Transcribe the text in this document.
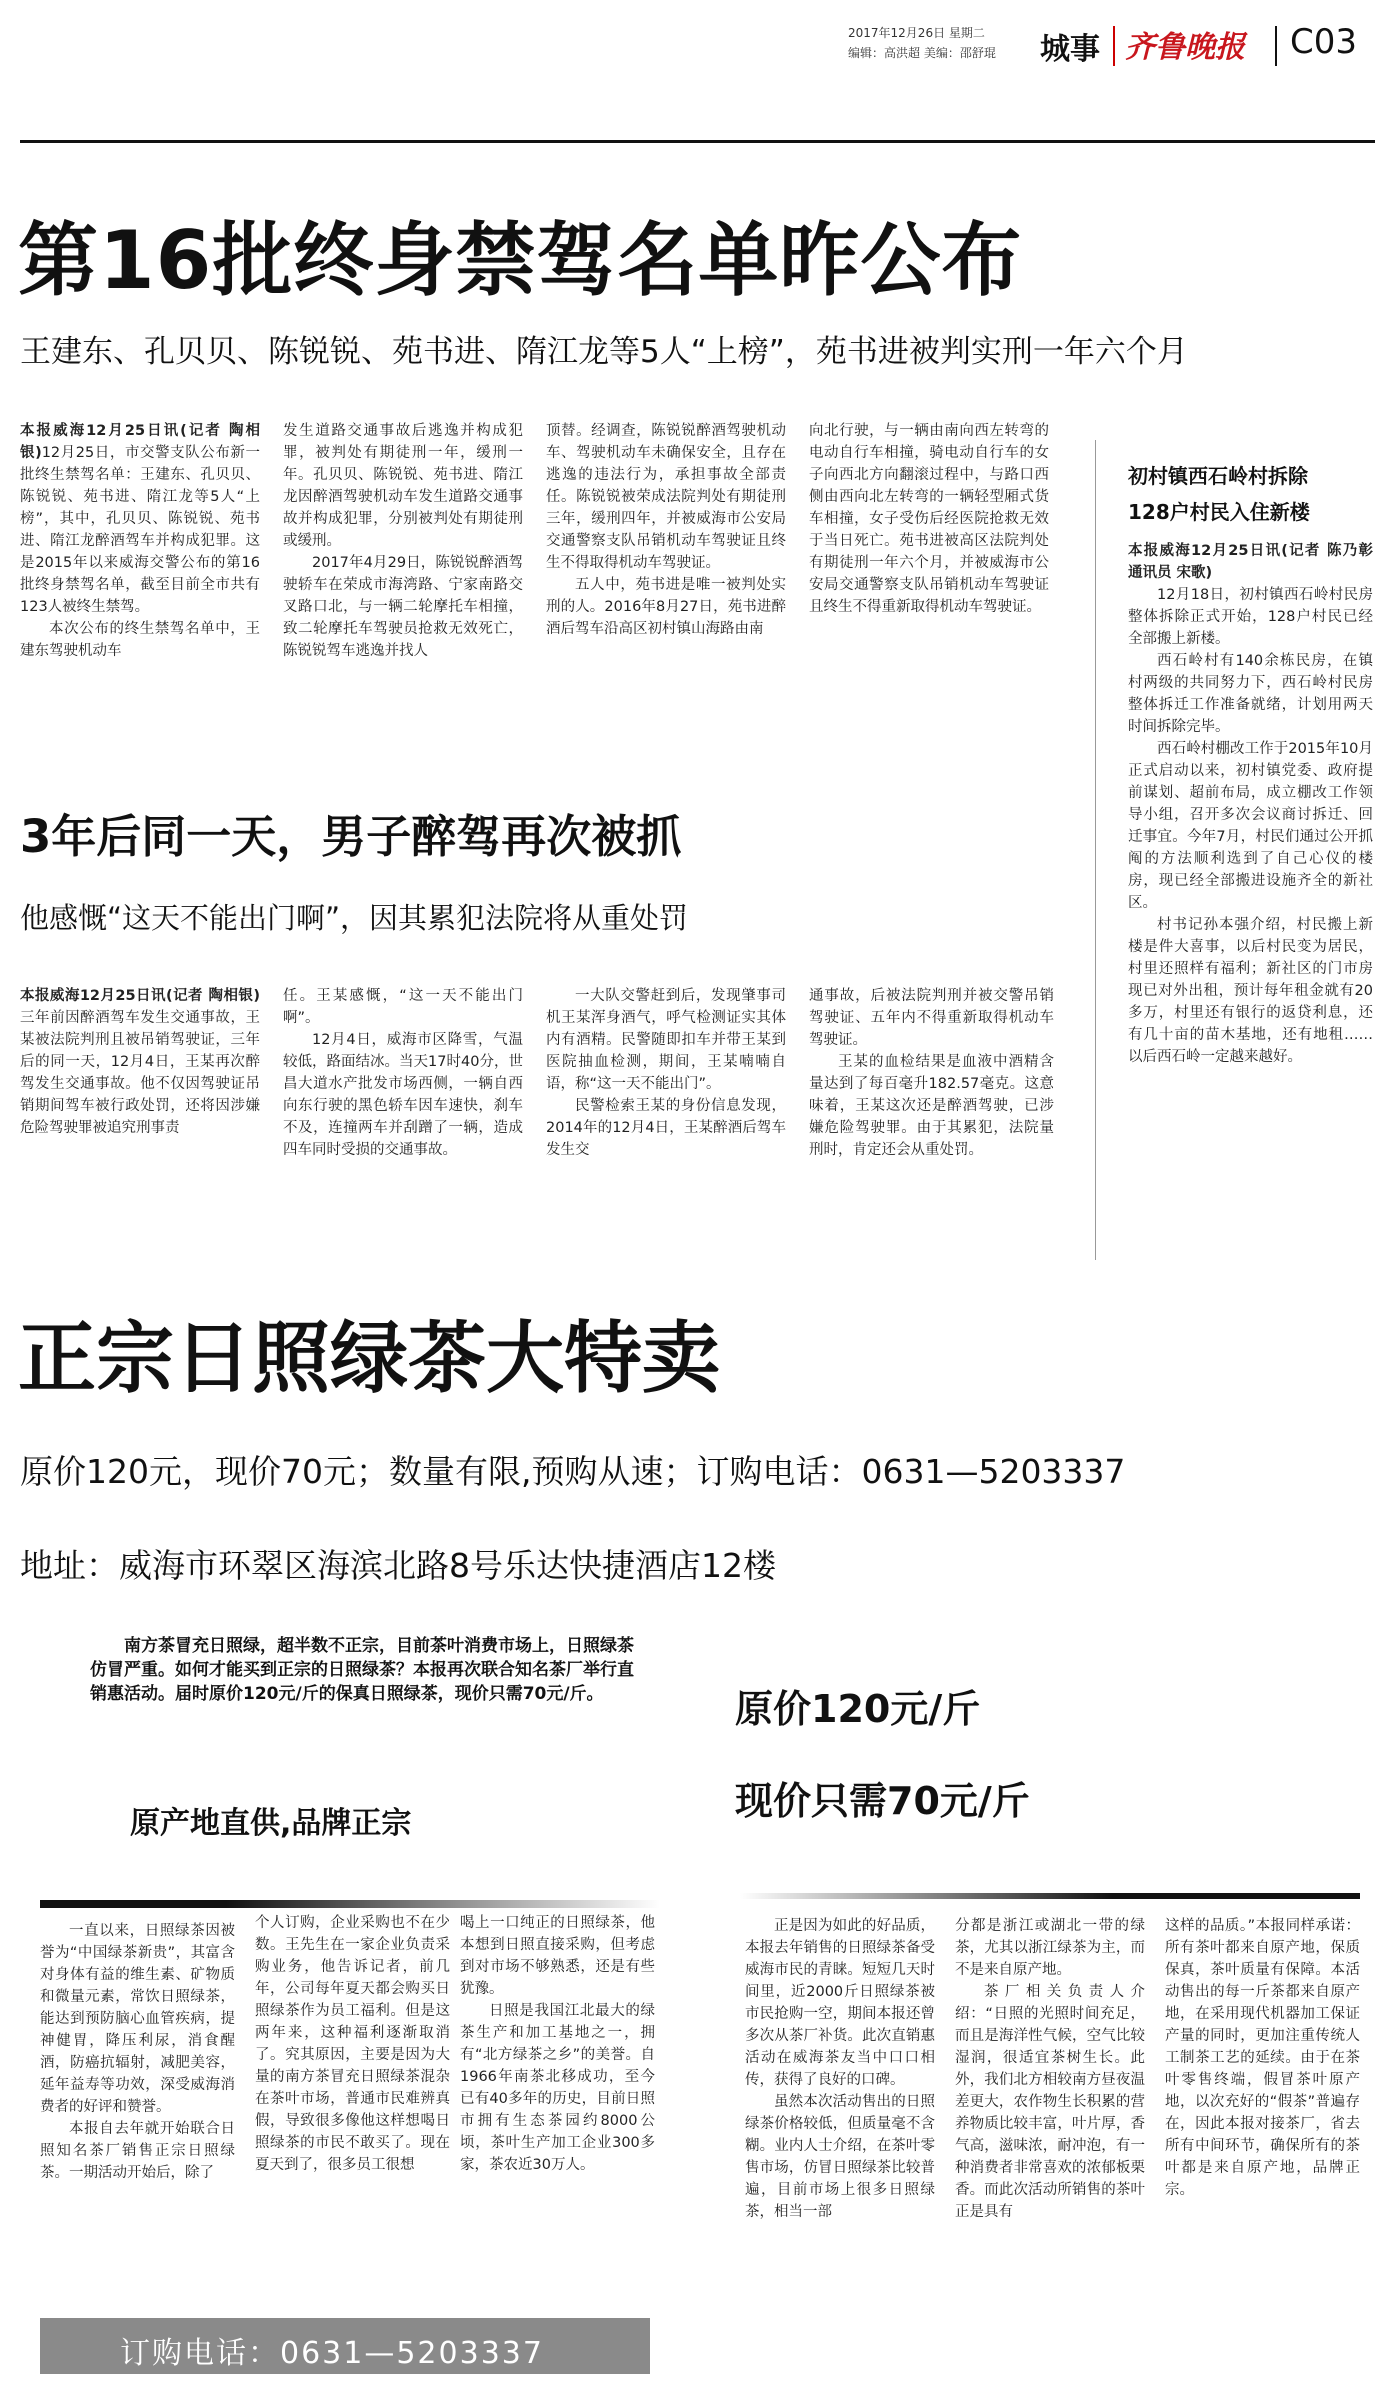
2017年12月26日 星期二
编辑：高洪超 美编：邵舒琨 城事 齐鲁晚报 C03
第16批终身禁驾名单昨公布
王建东、孔贝贝、陈锐锐、苑书进、隋江龙等5人“上榜”，苑书进被判实刑一年六个月

本报威海12月25日讯(记者 陶相银)12月25日，市交警支队公布新一批终生禁驾名单：王建东、孔贝贝、陈锐锐、苑书进、隋江龙等5人“上榜”，其中，孔贝贝、陈锐锐、苑书进、隋江龙醉酒驾车并构成犯罪。这是2015年以来威海交警公布的第16批终身禁驾名单，截至目前全市共有123人被终生禁驾。

本次公布的终生禁驾名单中，王建东驾驶机动车

发生道路交通事故后逃逸并构成犯罪，被判处有期徒刑一年，缓刑一年。孔贝贝、陈锐锐、苑书进、隋江龙因醉酒驾驶机动车发生道路交通事故并构成犯罪，分别被判处有期徒刑或缓刑。

2017年4月29日，陈锐锐醉酒驾驶轿车在荣成市海湾路、宁家南路交叉路口北，与一辆二轮摩托车相撞，致二轮摩托车驾驶员抢救无效死亡，陈锐锐驾车逃逸并找人

顶替。经调查，陈锐锐醉酒驾驶机动车、驾驶机动车未确保安全，且存在逃逸的违法行为，承担事故全部责任。陈锐锐被荣成法院判处有期徒刑三年，缓刑四年，并被威海市公安局交通警察支队吊销机动车驾驶证且终生不得取得机动车驾驶证。

五人中，苑书进是唯一被判处实刑的人。2016年8月27日，苑书进醉酒后驾车沿高区初村镇山海路由南

向北行驶，与一辆由南向西左转弯的电动自行车相撞，骑电动自行车的女子向西北方向翻滚过程中，与路口西侧由西向北左转弯的一辆轻型厢式货车相撞，女子受伤后经医院抢救无效于当日死亡。苑书进被高区法院判处有期徒刑一年六个月，并被威海市公安局交通警察支队吊销机动车驾驶证且终生不得重新取得机动车驾驶证。

初村镇西石岭村拆除
128户村民入住新楼

本报威海12月25日讯(记者 陈乃彰 通讯员 宋歌)

12月18日，初村镇西石岭村民房整体拆除正式开始，128户村民已经全部搬上新楼。

西石岭村有140余栋民房，在镇村两级的共同努力下，西石岭村民房整体拆迁工作准备就绪，计划用两天时间拆除完毕。

西石岭村棚改工作于2015年10月正式启动以来，初村镇党委、政府提前谋划、超前布局，成立棚改工作领导小组，召开多次会议商讨拆迁、回迁事宜。今年7月，村民们通过公开抓阄的方法顺利选到了自己心仪的楼房，现已经全部搬进设施齐全的新社区。

村书记孙本强介绍，村民搬上新楼是件大喜事，以后村民变为居民，村里还照样有福利；新社区的门市房现已对外出租，预计每年租金就有20多万，村里还有银行的返贷利息，还有几十亩的苗木基地，还有地租……以后西石岭一定越来越好。

3年后同一天，男子醉驾再次被抓
他感慨“这天不能出门啊”，因其累犯法院将从重处罚

本报威海12月25日讯(记者 陶相银)三年前因醉酒驾车发生交通事故，王某被法院判刑且被吊销驾驶证，三年后的同一天，12月4日，王某再次醉驾发生交通事故。他不仅因驾驶证吊销期间驾车被行政处罚，还将因涉嫌危险驾驶罪被追究刑事责

任。王某感慨，“这一天不能出门啊”。

12月4日，威海市区降雪，气温较低，路面结冰。当天17时40分，世昌大道水产批发市场西侧，一辆自西向东行驶的黑色轿车因车速快，刹车不及，连撞两车并刮蹭了一辆，造成四车同时受损的交通事故。

一大队交警赶到后，发现肇事司机王某浑身酒气，呼气检测证实其体内有酒精。民警随即扣车并带王某到医院抽血检测，期间，王某喃喃自语，称“这一天不能出门”。

民警检索王某的身份信息发现，2014年的12月4日，王某醉酒后驾车发生交

通事故，后被法院判刑并被交警吊销驾驶证、五年内不得重新取得机动车驾驶证。

王某的血检结果是血液中酒精含量达到了每百毫升182.57毫克。这意味着，王某这次还是醉酒驾驶，已涉嫌危险驾驶罪。由于其累犯，法院量刑时，肯定还会从重处罚。

正宗日照绿茶大特卖
原价120元，现价70元；数量有限,预购从速；订购电话：0631—5203337
地址：威海市环翠区海滨北路8号乐达快捷酒店12楼
南方茶冒充日照绿，超半数不正宗，目前茶叶消费市场上，日照绿茶仿冒严重。如何才能买到正宗的日照绿茶？本报再次联合知名茶厂举行直销惠活动。届时原价120元/斤的保真日照绿茶，现价只需70元/斤。	原价120元/斤
现价只需70元/斤
原产地直供,品牌正宗

一直以来，日照绿茶因被誉为“中国绿茶新贵”，其富含对身体有益的维生素、矿物质和微量元素，常饮日照绿茶，能达到预防脑心血管疾病，提神健胃，降压利尿，消食醒酒，防癌抗辐射，减肥美容，延年益寿等功效，深受威海消费者的好评和赞誉。

本报自去年就开始联合日照知名茶厂销售正宗日照绿茶。一期活动开始后，除了

个人订购，企业采购也不在少数。王先生在一家企业负责采购业务，他告诉记者，前几年，公司每年夏天都会购买日照绿茶作为员工福利。但是这两年来，这种福利逐渐取消了。究其原因，主要是因为大量的南方茶冒充日照绿茶混杂在茶叶市场，普通市民难辨真假，导致很多像他这样想喝日照绿茶的市民不敢买了。现在夏天到了，很多员工很想

喝上一口纯正的日照绿茶，他本想到日照直接采购，但考虑到对市场不够熟悉，还是有些犹豫。

日照是我国江北最大的绿茶生产和加工基地之一，拥有“北方绿茶之乡”的美誉。自1966年南茶北移成功，至今已有40多年的历史，目前日照市拥有生态茶园约8000公顷，茶叶生产加工企业300多家，茶农近30万人。

正是因为如此的好品质，本报去年销售的日照绿茶备受威海市民的青睐。短短几天时间里，近2000斤日照绿茶被市民抢购一空，期间本报还曾多次从茶厂补货。此次直销惠活动在威海茶友当中口口相传，获得了良好的口碑。

虽然本次活动售出的日照绿茶价格较低，但质量毫不含糊。业内人士介绍，在茶叶零售市场，仿冒日照绿茶比较普遍，目前市场上很多日照绿茶，相当一部

分都是浙江或湖北一带的绿茶，尤其以浙江绿茶为主，而不是来自原产地。

茶厂相关负责人介绍：“日照的光照时间充足，而且是海洋性气候，空气比较湿润，很适宜茶树生长。此外，我们北方相较南方昼夜温差更大，农作物生长积累的营养物质比较丰富，叶片厚，香气高，滋味浓，耐冲泡，有一种消费者非常喜欢的浓郁板栗香。而此次活动所销售的茶叶正是具有

这样的品质。”本报同样承诺：所有茶叶都来自原产地，保质保真，茶叶质量有保障。本活动售出的每一斤茶都来自原产地，在采用现代机器加工保证产量的同时，更加注重传统人工制茶工艺的延续。由于在茶叶零售终端，假冒茶叶原产地，以次充好的“假茶”普遍存在，因此本报对接茶厂，省去所有中间环节，确保所有的茶叶都是来自原产地，品牌正宗。

订购电话：0631—5203337
